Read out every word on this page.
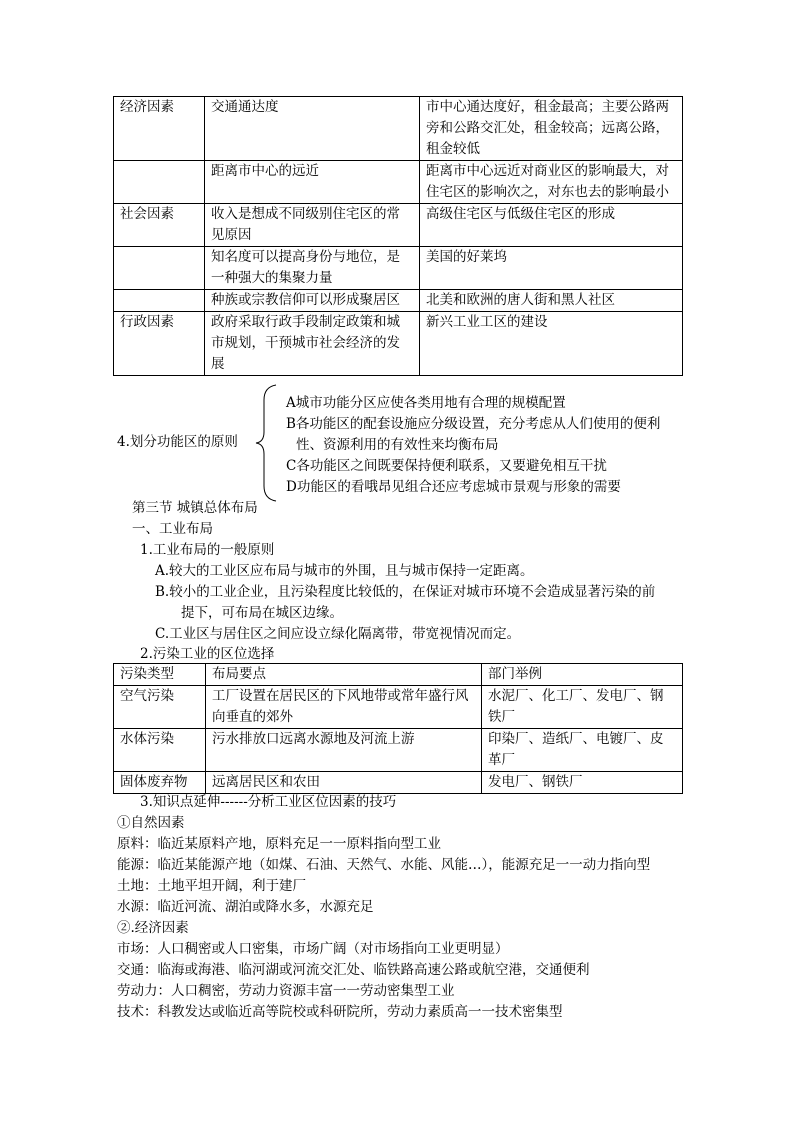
经济因素	交通通达度	市中心通达度好，租金最高；主要公路两旁和公路交汇处，租金较高；远离公路，租金较低
	距离市中心的远近	距离市中心远近对商业区的影响最大，对住宅区的影响次之，对东也去的影响最小
社会因素	收入是想成不同级别住宅区的常见原因	高级住宅区与低级住宅区的形成
	知名度可以提高身份与地位，是一种强大的集聚力量	美国的好莱坞
	种族或宗教信仰可以形成聚居区	北美和欧洲的唐人街和黑人社区
行政因素	政府采取行政手段制定政策和城市规划，干预城市社会经济的发展	新兴工业工区的建设
4.划分功能区的原则
A城市功能分区应使各类用地有合理的规模配置
B各功能区的配套设施应分级设置，充分考虑从人们使用的便利
性、资源利用的有效性来均衡布局
C各功能区之间既要保持便利联系，又要避免相互干扰
D功能区的看哦昂见组合还应考虑城市景观与形象的需要
第三节 城镇总体布局
一、工业布局
1.工业布局的一般原则
A.较大的工业区应布局与城市的外围，且与城市保持一定距离。
B.较小的工业企业，且污染程度比较低的，在保证对城市环境不会造成显著污染的前
提下，可布局在城区边缘。
C.工业区与居住区之间应设立绿化隔离带，带宽视情况而定。
2.污染工业的区位选择
污染类型	布局要点	部门举例
空气污染	工厂设置在居民区的下风地带或常年盛行风向垂直的郊外	水泥厂、化工厂、发电厂、钢铁厂
水体污染	污水排放口远离水源地及河流上游	印染厂、造纸厂、电镀厂、皮革厂
固体废弃物	远离居民区和农田	发电厂、钢铁厂
3.知识点延伸------分析工业区位因素的技巧
①自然因素
原料：临近某原料产地，原料充足一一原料指向型工业
能源：临近某能源产地（如煤、石油、天然气、水能、风能…），能源充足一一动力指向型
土地：土地平坦开阔，利于建厂
水源：临近河流、湖泊或降水多，水源充足
②.经济因素
市场：人口稠密或人口密集，市场广阔（对市场指向工业更明显）
交通：临海或海港、临河湖或河流交汇处、临铁路高速公路或航空港，交通便利
劳动力：人口稠密，劳动力资源丰富一一劳动密集型工业
技术：科教发达或临近高等院校或科研院所，劳动力素质高一一技术密集型
